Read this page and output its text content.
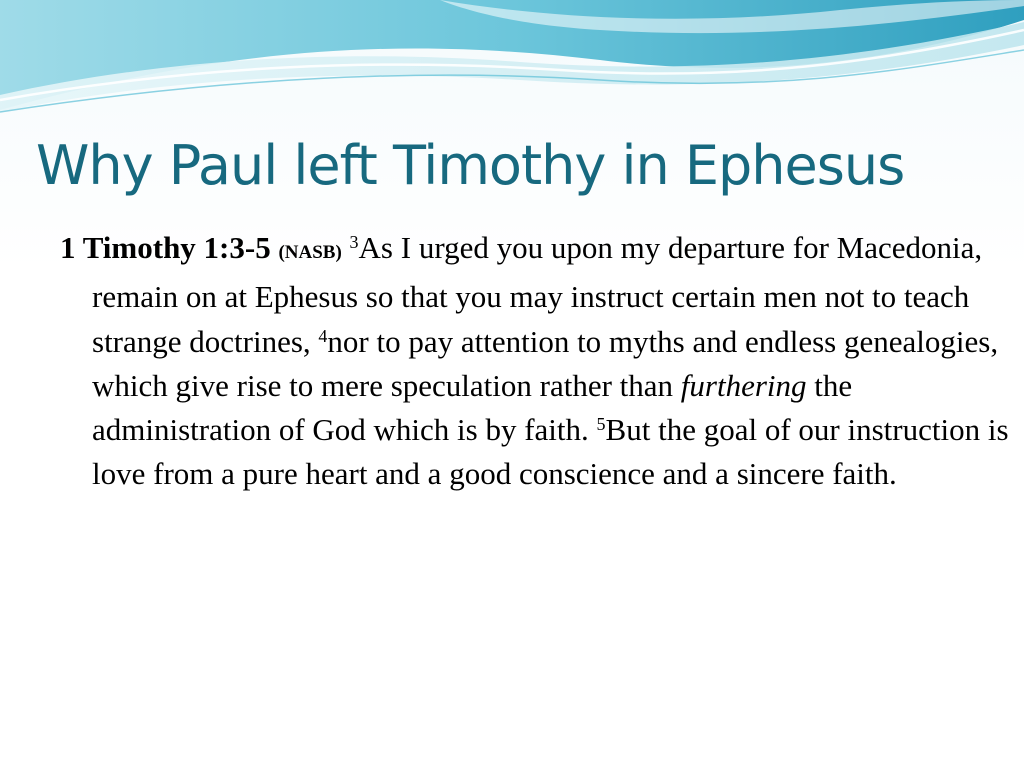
Why Paul left Timothy in Ephesus

1 Timothy 1:3-5 (NASB) $^3$As I urged you upon my departure for Macedonia, remain on at Ephesus so that you may instruct certain men not to teach strange doctrines, $^4$nor to pay attention to myths and endless genealogies, which give rise to mere speculation rather than furthering the administration of God which is by faith. $^5$But the goal of our instruction is love from a pure heart and a good conscience and a sincere faith.
